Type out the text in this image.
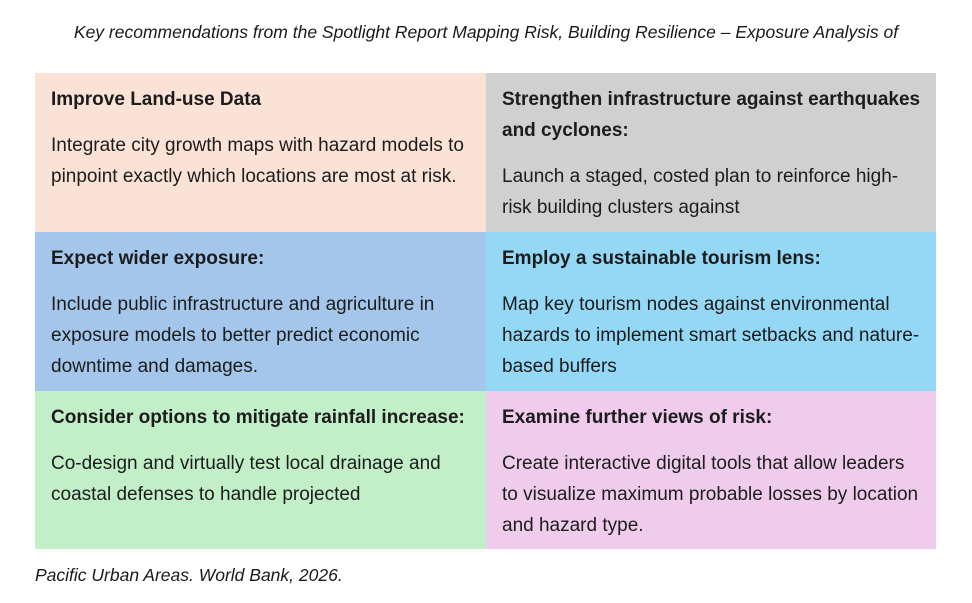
Key recommendations from the Spotlight Report Mapping Risk, Building Resilience – Exposure Analysis of
Improve Land-use Data

Integrate city growth maps with hazard models to pinpoint exactly which locations are most at risk.

Strengthen infrastructure against earthquakes and cyclones:

Launch a staged, costed plan to reinforce high-risk building clusters against

Expect wider exposure:

Include public infrastructure and agriculture in exposure models to better predict economic downtime and damages.

Employ a sustainable tourism lens:

Map key tourism nodes against environmental hazards to implement smart setbacks and nature-based buffers

Consider options to mitigate rainfall increase:

Co-design and virtually test local drainage and coastal defenses to handle projected

Examine further views of risk:

Create interactive digital tools that allow leaders to visualize maximum probable losses by location and hazard type.

Pacific Urban Areas. World Bank, 2026.
